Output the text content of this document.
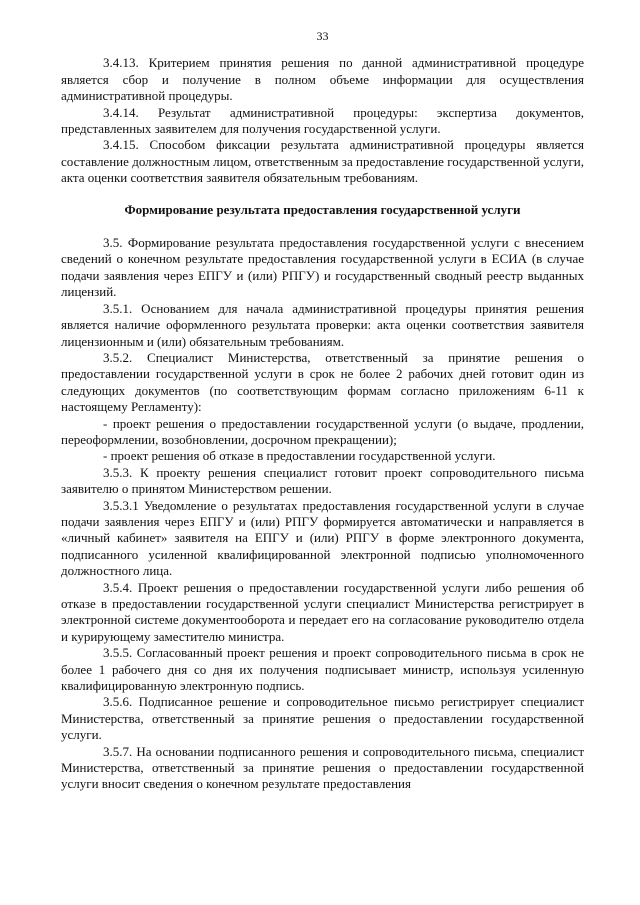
33

3.4.13. Критерием принятия решения по данной административной процедуре является сбор и получение в полном объеме информации для осуществления административной процедуры.

3.4.14. Результат административной процедуры: экспертиза документов, представленных заявителем для получения государственной услуги.

3.4.15. Способом фиксации результата административной процедуры является составление должностным лицом, ответственным за предоставление государственной услуги, акта оценки соответствия заявителя обязательным требованиям.

Формирование результата предоставления государственной услуги

3.5. Формирование результата предоставления государственной услуги с внесением сведений о конечном результате предоставления государственной услуги в ЕСИА (в случае подачи заявления через ЕПГУ и (или) РПГУ) и государственный сводный реестр выданных лицензий.

3.5.1. Основанием для начала административной процедуры принятия решения является наличие оформленного результата проверки: акта оценки соответствия заявителя лицензионным и (или) обязательным требованиям.

3.5.2. Специалист Министерства, ответственный за принятие решения о предоставлении государственной услуги в срок не более 2 рабочих дней готовит один из следующих документов (по соответствующим формам согласно приложениям 6-11 к настоящему Регламенту):

- проект решения о предоставлении государственной услуги (о выдаче, продлении, переоформлении, возобновлении, досрочном прекращении);

- проект решения об отказе в предоставлении государственной услуги.

3.5.3. К проекту решения специалист готовит проект сопроводительного письма заявителю о принятом Министерством решении.

3.5.3.1 Уведомление о результатах предоставления государственной услуги в случае подачи заявления через ЕПГУ и (или) РПГУ формируется автоматически и направляется в «личный кабинет» заявителя на ЕПГУ и (или) РПГУ в форме электронного документа, подписанного усиленной квалифицированной электронной подписью уполномоченного должностного лица.

3.5.4. Проект решения о предоставлении государственной услуги либо решения об отказе в предоставлении государственной услуги специалист Министерства регистрирует в электронной системе документооборота и передает его на согласование руководителю отдела и курирующему заместителю министра.

3.5.5. Согласованный проект решения и проект сопроводительного письма в срок не более 1 рабочего дня со дня их получения подписывает министр, используя усиленную квалифицированную электронную подпись.

3.5.6. Подписанное решение и сопроводительное письмо регистрирует специалист Министерства, ответственный за принятие решения о предоставлении государственной услуги.

3.5.7. На основании подписанного решения и сопроводительного письма, специалист Министерства, ответственный за принятие решения о предоставлении государственной услуги вносит сведения о конечном результате предоставления
